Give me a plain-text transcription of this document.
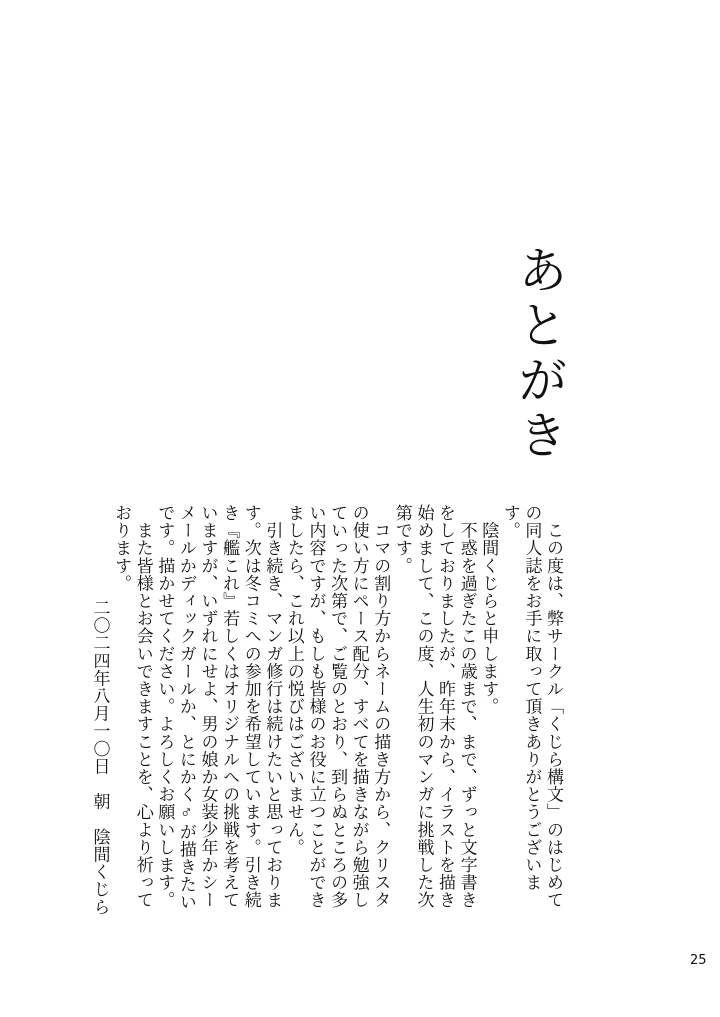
あとがき
　この度は、弊サークル「くじら構文」のはじめて
の同人誌をお手に取って頂きありがとうございま
す。
　陰間くじらと申します。
　不惑を過ぎたこの歳まで、まで、ずっと文字書き
をしておりましたが、昨年末から、イラストを描き
始めまして、この度、人生初のマンガに挑戦した次
第です。
　コマの割り方からネームの描き方から、クリスタ
の使い方にペース配分、すべてを描きながら勉強し
ていった次第で、ご覧のとおり、到らぬところの多
い内容ですが、もしも皆様のお役に立つことができ
ましたら、これ以上の悦びはございません。
　引き続き、マンガ修行は続けたいと思っておりま
す。次は冬コミへの参加を希望しています。引き続
き『艦これ』若しくはオリジナルへの挑戦を考えて
いますが、いずれにせよ、男の娘か女装少年かシー
メールかディックガールか、とにかく♂が描きたい
です。描かせてください。よろしくお願いします。
　また皆様とお会いできますことを、心より祈って
おります。
二〇二四年八月一〇日　朝　陰間くじら
25
